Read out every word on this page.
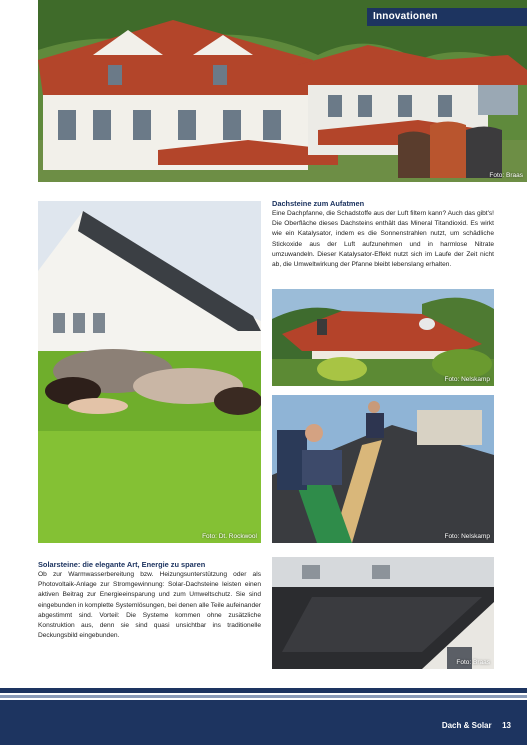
Foto: Braas
Innovationen
Foto: Dt. Rockwool
Dachsteine zum Aufatmen
Eine Dachpfanne, die Schadstoffe aus der Luft filtern kann? Auch das gibt's! Die Oberfläche dieses Dachsteins enthält das Mineral Titandioxid. Es wirkt wie ein Katalysator, indem es die Sonnenstrahlen nutzt, um schädliche Stickoxide aus der Luft aufzunehmen und in harmlose Nitrate umzuwandeln. Dieser Katalysator-Effekt nutzt sich im Laufe der Zeit nicht ab, die Umweltwirkung der Pfanne bleibt lebenslang erhalten.
Foto: Nelskamp
Foto: Nelskamp
Solarsteine: die elegante Art, Energie zu sparen
Ob zur Warmwasserbereitung bzw. Heizungsunterstützung oder als Photovoltaik-Anlage zur Stromgewinnung: Solar-Dachsteine leisten einen aktiven Beitrag zur Energieeinsparung und zum Umweltschutz. Sie sind eingebunden in komplette Systemlösungen, bei denen alle Teile aufeinander abgestimmt sind. Vorteil: Die Systeme kommen ohne zusätzliche Konstruktion aus, denn sie sind quasi unsichtbar ins traditionelle Deckungsbild eingebunden.
Foto: Braas
Dach & Solar 13
